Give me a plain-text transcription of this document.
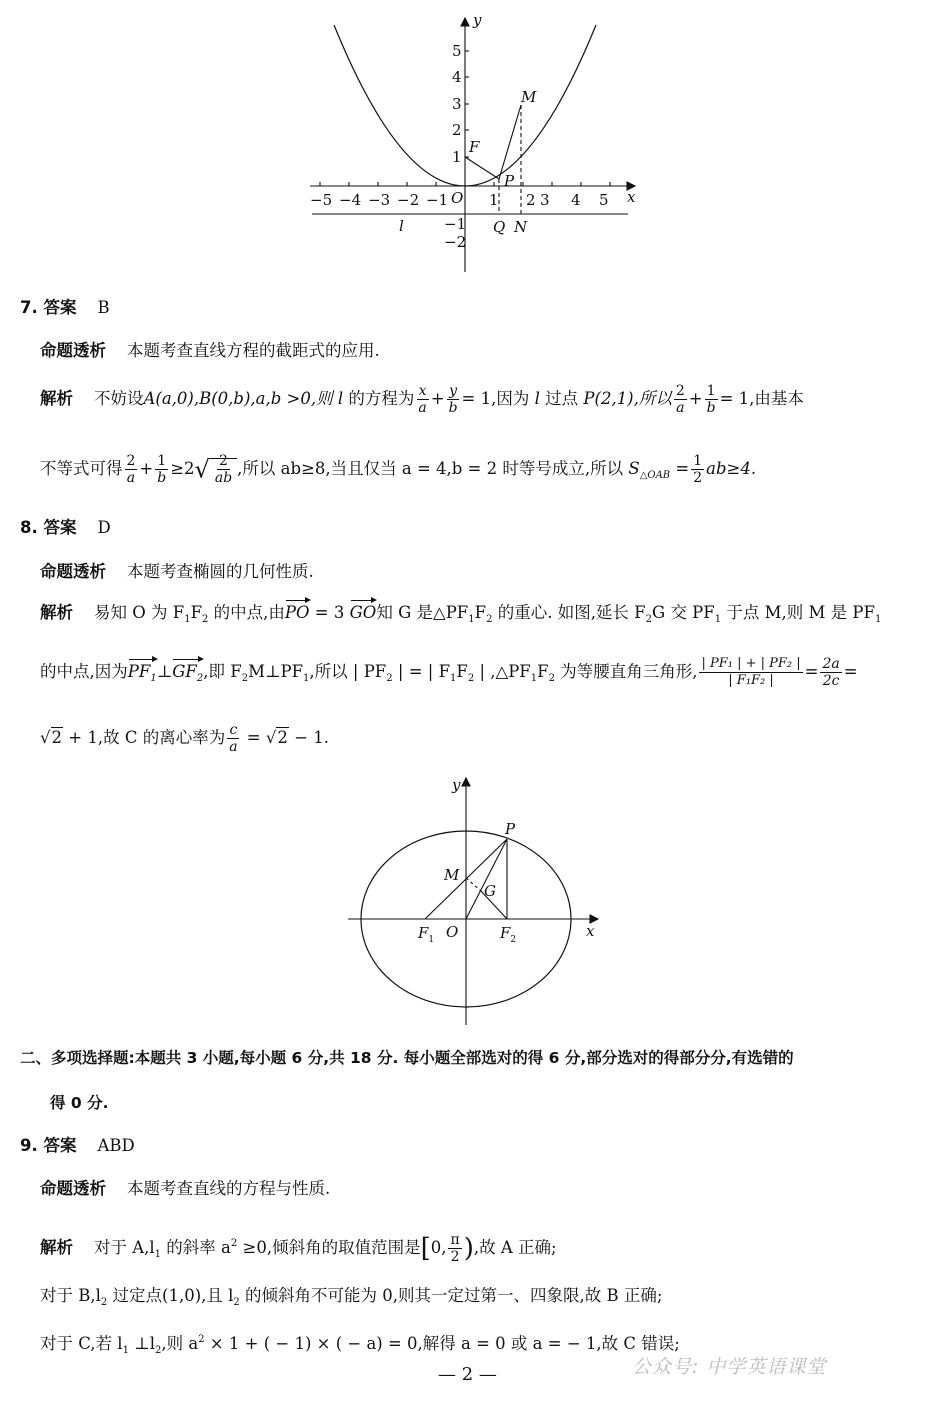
−5 −4 −3 −2 −1	1 2 3 4 5
5
4
3
2
1
−1
−2
x
y
F
O
P
M
Q N
l
7. 答案 B
命题透析 本题考查直线方程的截距式的应用.
解析 不妨设A(a,0),B(0,b),a,b >0,则 l 的方程为 $\frac{x}{a} + \frac{y}{b} = 1$,因为 l 过点 P(2,1),所以 $\frac{2}{a} + \frac{1}{b} = 1$,由基本
不等式可得 $\frac{2}{a} + \frac{1}{b} \ge 2√ \frac{2}{ab}$ ,所以 ab≥8,当且仅当 a = 4,b = 2 时等号成立,所以 $S_{\triangle OAB} = \frac{1}{2} ab\ge 4$.
8. 答案 D
命题透析 本题考查椭圆的几何性质.
解析 易知 O 为 $F_1F_2$ 的中点,由PO = 3 GO知 G 是$\triangle PF_1F_2$ 的重心. 如图,延长 $F_2G$ 交 $PF_1$ 于点 M,则 M 是 $PF_1$
的中点,因为$PF_1\perp GF_2$,即 $F_2M\perp PF_1$,所以 | $PF_2$ | = | $F_1F_2$ | $,\triangle PF_1F_2$ 为等腰直角三角形, $\frac{\text{| PF₁ | + | PF₂ |}}{\text{| F₁F₂ |}} = \frac{2a}{2c}$ =
√2 + 1,故 C 的离心率为 $\frac{c}{a} = √2 - 1$.
x
y
P
M
G
O
$F_1$	$F_2$
二、多项选择题:本题共 3 小题,每小题 6 分,共 18 分. 每小题全部选对的得 6 分,部分选对的得部分分,有选错的
得 0 分.
9. 答案 ABD
命题透析 本题考查直线的方程与性质.
解析 对于 $A,l_1$ 的斜率 $a^2 \ge 0$,倾斜角的取值范围是[0, $\frac{\pi}{2}$ ),故 A 正确;
对于 $B,l_2$ 过定点(1,0),且 $l_2$ 的倾斜角不可能为 0,则其一定过第一、四象限,故 B 正确;
对于 C,若 $l_1$ $\perp l_2$,则 $a^2 \times 1$ + ( − 1) × ( − a) = 0,解得 a = 0 或 a = − 1,故 C 错误;
— 2 —	公众号: 中学英语课堂
